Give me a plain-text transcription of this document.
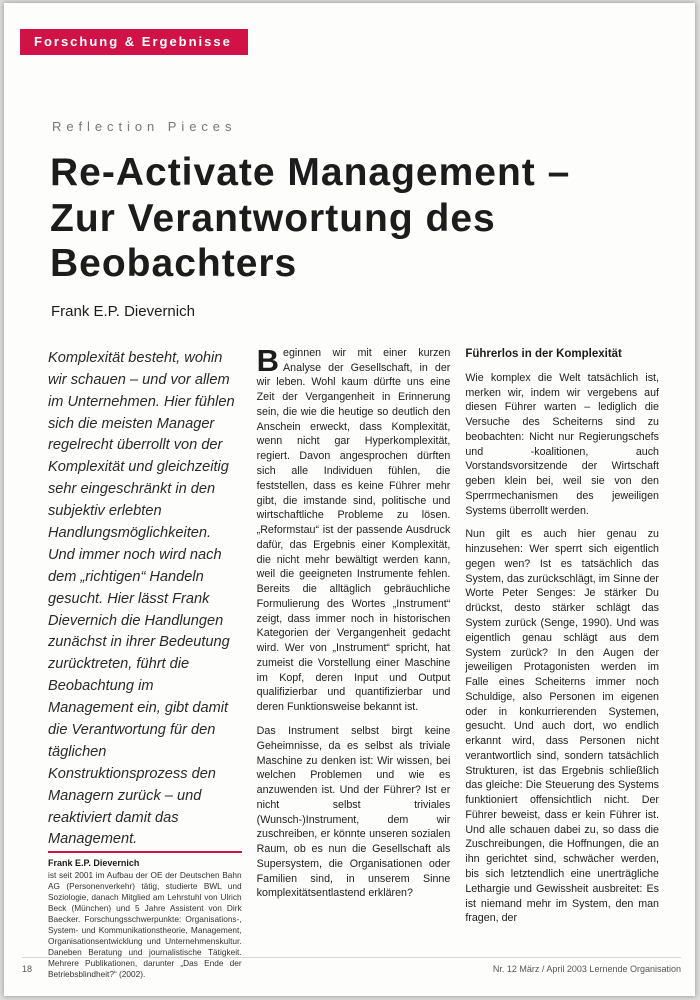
Forschung & Ergebnisse
Reflection Pieces
Re-Activate Management –
Zur Verantwortung des
Beobachters
Frank E.P. Dievernich

Komplexität besteht, wohin wir schauen – und vor allem im Unternehmen. Hier fühlen sich die meisten Manager regelrecht überrollt von der Komplexität und gleichzeitig sehr eingeschränkt in den subjektiv erlebten Handlungsmöglichkeiten. Und immer noch wird nach dem „richtigen“ Handeln gesucht. Hier lässt Frank Dievernich die Handlungen zunächst in ihrer Bedeutung zurücktreten, führt die Beobachtung im Management ein, gibt damit die Verantwortung für den täglichen Konstruktionsprozess den Managern zurück – und reaktiviert damit das Management.

Frank E.P. Dievernich

ist seit 2001 im Aufbau der OE der Deutschen Bahn AG (Personenverkehr) tätig, studierte BWL und Soziologie, danach Mitglied am Lehrstuhl von Ulrich Beck (München) und 5 Jahre Assistent von Dirk Baecker. Forschungsschwerpunkte: Organisations-, System- und Kommunikationstheorie, Management, Organisationsentwicklung und Unternehmenskultur. Daneben Beratung und journalistische Tätigkeit. Mehrere Publikationen, darunter „Das Ende der Betriebsblindheit?“ (2002).

Beginnen wir mit einer kurzen Analyse der Gesellschaft, in der wir leben. Wohl kaum dürfte uns eine Zeit der Vergangenheit in Erinnerung sein, die wie die heutige so deutlich den Anschein erweckt, dass Komplexität, wenn nicht gar Hyperkomplexität, regiert. Davon angesprochen dürften sich alle Individuen fühlen, die feststellen, dass es keine Führer mehr gibt, die imstande sind, politische und wirtschaftliche Probleme zu lösen. „Reformstau“ ist der passende Ausdruck dafür, das Ergebnis einer Komplexität, die nicht mehr bewältigt werden kann, weil die geeigneten Instrumente fehlen. Bereits die alltäglich gebräuchliche Formulierung des Wortes „Instrument“ zeigt, dass immer noch in historischen Kategorien der Vergangenheit gedacht wird. Wer von „Instrument“ spricht, hat zumeist die Vorstellung einer Maschine im Kopf, deren Input und Output qualifizierbar und quantifizierbar und deren Funktionsweise bekannt ist.

Das Instrument selbst birgt keine Geheimnisse, da es selbst als triviale Maschine zu denken ist: Wir wissen, bei welchen Problemen und wie es anzuwenden ist. Und der Führer? Ist er nicht selbst triviales (Wunsch-)Instrument, dem wir zuschreiben, er könnte unseren sozialen Raum, ob es nun die Gesellschaft als Supersystem, die Organisationen oder Familien sind, in unserem Sinne komplexitätsentlastend erklären?

Führerlos in der Komplexität

Wie komplex die Welt tatsächlich ist, merken wir, indem wir vergebens auf diesen Führer warten – lediglich die Versuche des Scheiterns sind zu beobachten: Nicht nur Regierungschefs und -koalitionen, auch Vorstandsvorsitzende der Wirtschaft geben klein bei, weil sie von den Sperrmechanismen des jeweiligen Systems überrollt werden.

Nun gilt es auch hier genau zu hinzusehen: Wer sperrt sich eigentlich gegen wen? Ist es tatsächlich das System, das zurückschlägt, im Sinne der Worte Peter Senges: Je stärker Du drückst, desto stärker schlägt das System zurück (Senge, 1990). Und was eigentlich genau schlägt aus dem System zurück? In den Augen der jeweiligen Protagonisten werden im Falle eines Scheiterns immer noch Schuldige, also Personen im eigenen oder in konkurrierenden Systemen, gesucht. Und auch dort, wo endlich erkannt wird, dass Personen nicht verantwortlich sind, sondern tatsächlich Strukturen, ist das Ergebnis schließlich das gleiche: Die Steuerung des Systems funktioniert offensichtlich nicht. Der Führer beweist, dass er kein Führer ist. Und alle schauen dabei zu, so dass die Zuschreibungen, die Hoffnungen, die an ihn gerichtet sind, schwächer werden, bis sich letztendlich eine unerträgliche Lethargie und Gewissheit ausbreitet: Es ist niemand mehr im System, den man fragen, der

18	Nr. 12 März / April 2003 Lernende Organisation
